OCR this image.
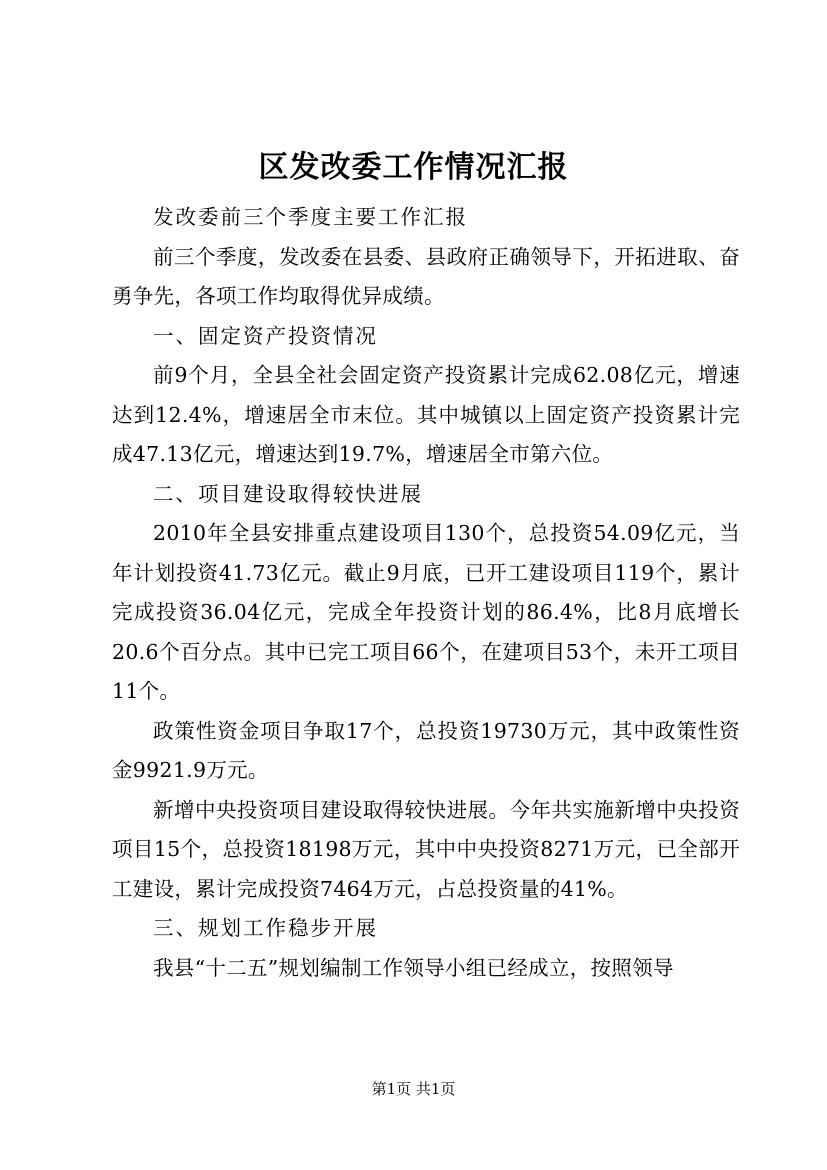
区发改委工作情况汇报

发改委前三个季度主要工作汇报

前三个季度，发改委在县委、县政府正确领导下，开拓进取、奋勇争先，各项工作均取得优异成绩。

一、固定资产投资情况

前9个月，全县全社会固定资产投资累计完成62.08亿元，增速达到12.4%，增速居全市末位。其中城镇以上固定资产投资累计完成47.13亿元，增速达到19.7%，增速居全市第六位。

二、项目建设取得较快进展

2010年全县安排重点建设项目130个，总投资54.09亿元，当年计划投资41.73亿元。截止9月底，已开工建设项目119个，累计完成投资36.04亿元，完成全年投资计划的86.4%，比8月底增长20.6个百分点。其中已完工项目66个，在建项目53个，未开工项目11个。

政策性资金项目争取17个，总投资19730万元，其中政策性资金9921.9万元。

新增中央投资项目建设取得较快进展。今年共实施新增中央投资项目15个，总投资18198万元，其中中央投资8271万元，已全部开工建设，累计完成投资7464万元，占总投资量的41%。

三、规划工作稳步开展

我县“十二五”规划编制工作领导小组已经成立，按照领导

第1页 共1页
